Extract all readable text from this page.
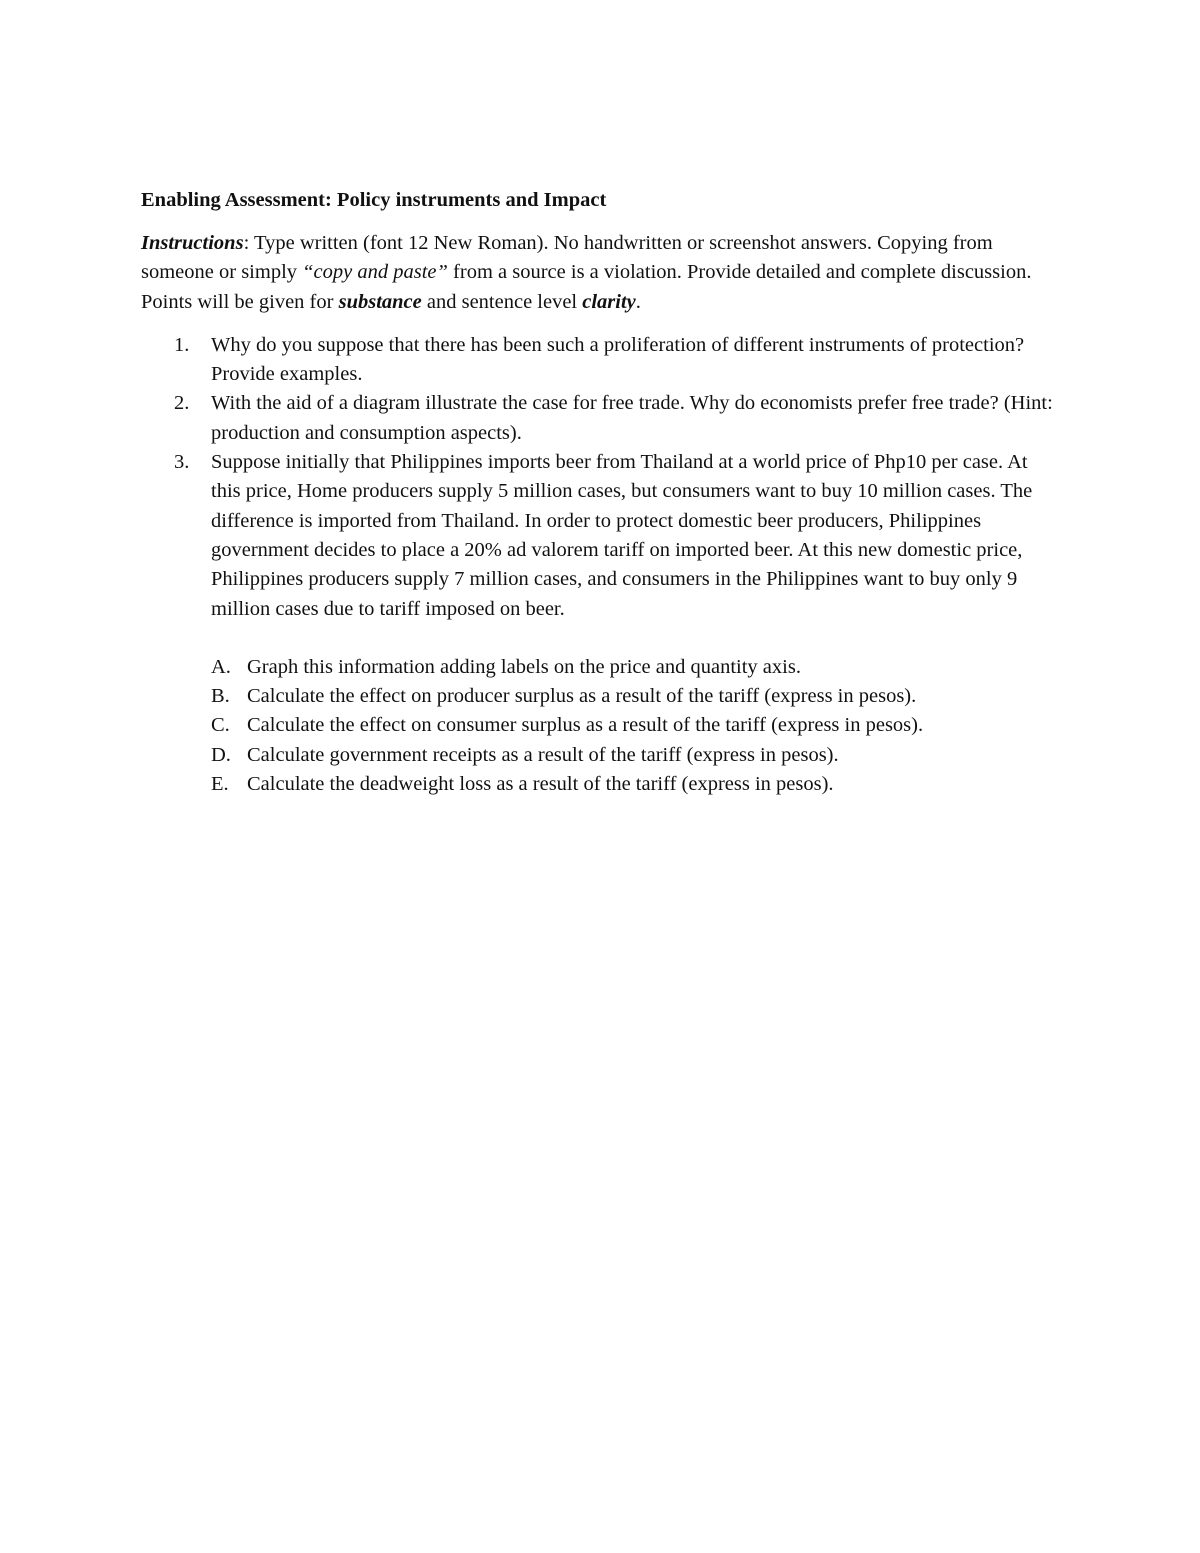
Enabling Assessment: Policy instruments and Impact
Instructions: Type written (font 12 New Roman). No handwritten or screenshot answers. Copying from someone or simply “copy and paste” from a source is a violation. Provide detailed and complete discussion. Points will be given for substance and sentence level clarity.
1. Why do you suppose that there has been such a proliferation of different instruments of protection? Provide examples.
2. With the aid of a diagram illustrate the case for free trade. Why do economists prefer free trade? (Hint: production and consumption aspects).
3. Suppose initially that Philippines imports beer from Thailand at a world price of Php10 per case. At this price, Home producers supply 5 million cases, but consumers want to buy 10 million cases. The difference is imported from Thailand. In order to protect domestic beer producers, Philippines government decides to place a 20% ad valorem tariff on imported beer. At this new domestic price, Philippines producers supply 7 million cases, and consumers in the Philippines want to buy only 9 million cases due to tariff imposed on beer.
A. Graph this information adding labels on the price and quantity axis.
B. Calculate the effect on producer surplus as a result of the tariff (express in pesos).
C. Calculate the effect on consumer surplus as a result of the tariff (express in pesos).
D. Calculate government receipts as a result of the tariff (express in pesos).
E. Calculate the deadweight loss as a result of the tariff (express in pesos).
